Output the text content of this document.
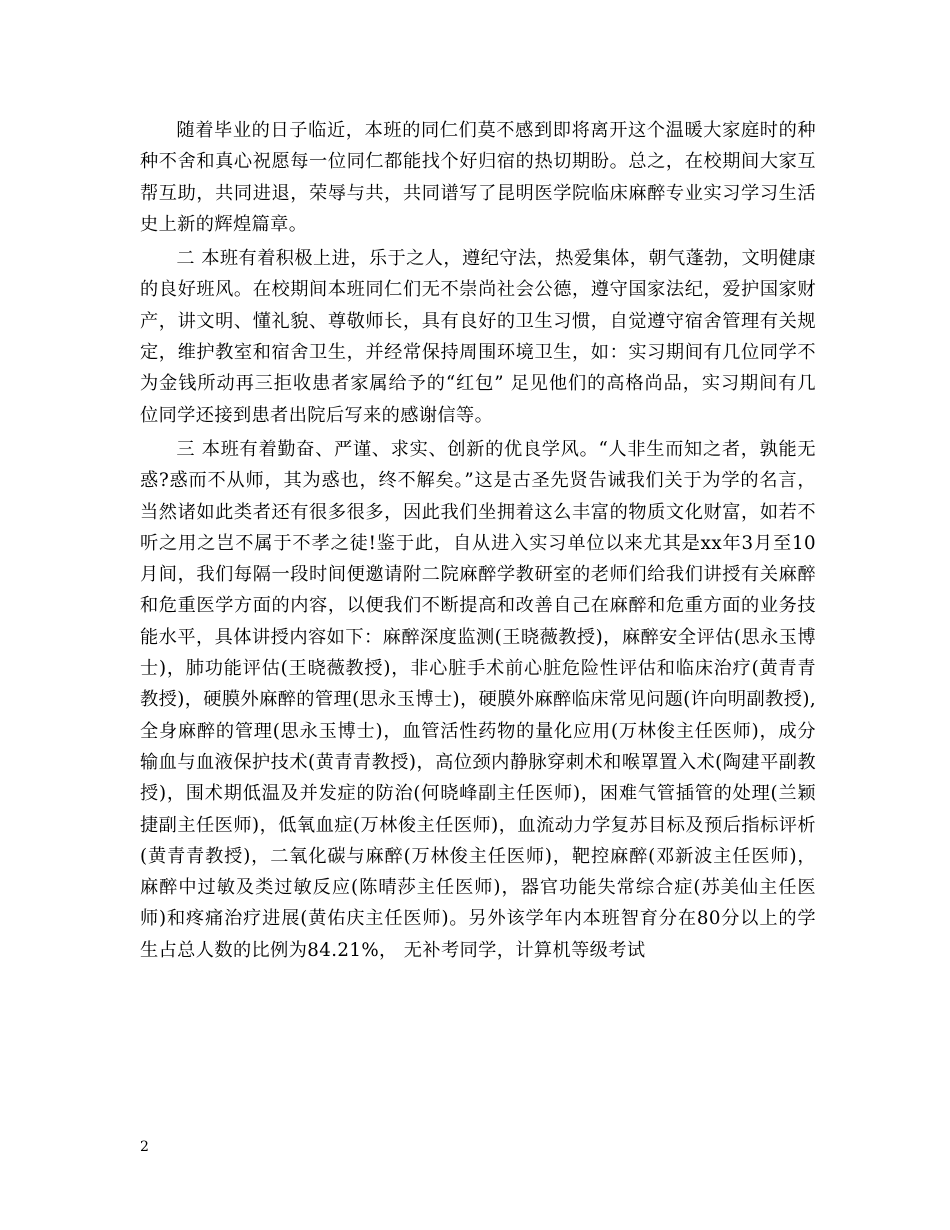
随着毕业的日子临近，本班的同仁们莫不感到即将离开这个温暖大家庭时的种种不舍和真心祝愿每一位同仁都能找个好归宿的热切期盼。总之，在校期间大家互帮互助，共同进退，荣辱与共，共同谱写了昆明医学院临床麻醉专业实习学习生活史上新的辉煌篇章。

二 本班有着积极上进，乐于之人，遵纪守法，热爱集体，朝气蓬勃，文明健康的良好班风。在校期间本班同仁们无不崇尚社会公德，遵守国家法纪，爱护国家财产，讲文明、懂礼貌、尊敬师长，具有良好的卫生习惯，自觉遵守宿舍管理有关规定，维护教室和宿舍卫生，并经常保持周围环境卫生，如：实习期间有几位同学不为金钱所动再三拒收患者家属给予的“红包” 足见他们的高格尚品，实习期间有几位同学还接到患者出院后写来的感谢信等。

三 本班有着勤奋、严谨、求实、创新的优良学风。“人非生而知之者，孰能无惑?惑而不从师，其为惑也，终不解矣。”这是古圣先贤告诫我们关于为学的名言，当然诸如此类者还有很多很多，因此我们坐拥着这么丰富的物质文化财富，如若不听之用之岂不属于不孝之徒!鉴于此，自从进入实习单位以来尤其是xx年3月至10月间，我们每隔一段时间便邀请附二院麻醉学教研室的老师们给我们讲授有关麻醉和危重医学方面的内容，以便我们不断提高和改善自己在麻醉和危重方面的业务技能水平，具体讲授内容如下：麻醉深度监测(王晓薇教授)，麻醉安全评估(思永玉博士)，肺功能评估(王晓薇教授)，非心脏手术前心脏危险性评估和临床治疗(黄青青教授)，硬膜外麻醉的管理(思永玉博士)，硬膜外麻醉临床常见问题(许向明副教授),全身麻醉的管理(思永玉博士)，血管活性药物的量化应用(万林俊主任医师)，成分输血与血液保护技术(黄青青教授)，高位颈内静脉穿刺术和喉罩置入术(陶建平副教授)，围术期低温及并发症的防治(何晓峰副主任医师)，困难气管插管的处理(兰颖捷副主任医师)，低氧血症(万林俊主任医师)，血流动力学复苏目标及预后指标评析(黄青青教授)，二氧化碳与麻醉(万林俊主任医师)，靶控麻醉(邓新波主任医师)，麻醉中过敏及类过敏反应(陈晴莎主任医师)，器官功能失常综合症(苏美仙主任医师)和疼痛治疗进展(黄佑庆主任医师)。另外该学年内本班智育分在80分以上的学生占总人数的比例为84.21%， 无补考同学，计算机等级考试

2
